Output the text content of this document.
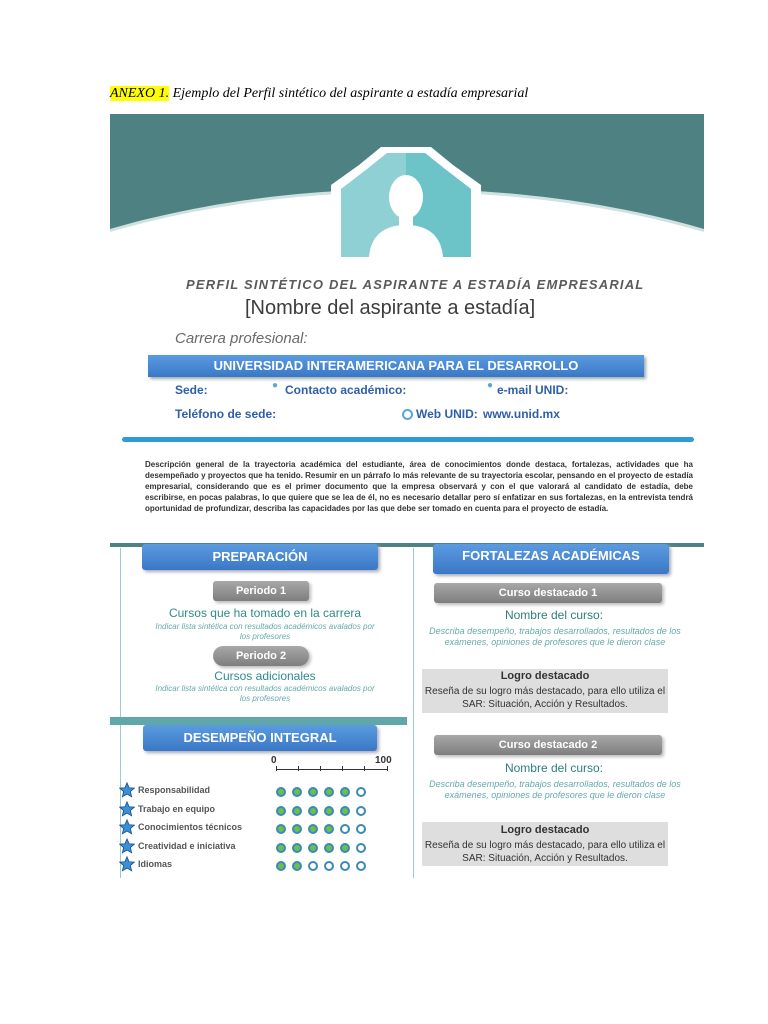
ANEXO 1. Ejemplo del Perfil sintético del aspirante a estadía empresarial
PERFIL SINTÉTICO DEL ASPIRANTE A ESTADÍA EMPRESARIAL
[Nombre del aspirante a estadía]
Carrera profesional:
UNIVERSIDAD INTERAMERICANA PARA EL DESARROLLO
Sede:	● Contacto académico:	● e-mail UNID:
Teléfono de sede:	Web UNID: www.unid.mx
Descripción general de la trayectoria académica del estudiante, área de conocimientos donde destaca, fortalezas, actividades que ha desempeñado y proyectos que ha tenido. Resumir en un párrafo lo más relevante de su trayectoria escolar, pensando en el proyecto de estadía empresarial, considerando que es el primer documento que la empresa observará y con el que valorará al candidato de estadía, debe escribirse, en pocas palabras, lo que quiere que se lea de él, no es necesario detallar pero sí enfatizar en sus fortalezas, en la entrevista tendrá oportunidad de profundizar, describa las capacidades por las que debe ser tomado en cuenta para el proyecto de estadía.
PREPARACIÓN
Periodo 1
Cursos que ha tomado en la carrera
Indicar lista sintética con resultados académicos avalados por los profesores
Periodo 2
Cursos adicionales
Indicar lista sintética con resultados académicos avalados por los profesores
DESEMPEÑO INTEGRAL
0	100
Responsabilidad
Trabajo en equipo
Conocimientos técnicos
Creatividad e iniciativa
Idiomas
FORTALEZAS ACADÉMICAS
Curso destacado 1
Nombre del curso:
Describa desempeño, trabajos desarrollados, resultados de los exámenes, opiniones de profesores que le dieron clase
Logro destacado
Reseña de su logro más destacado, para ello utiliza el SAR: Situación, Acción y Resultados.
Curso destacado 2
Nombre del curso:
Describa desempeño, trabajos desarrollados, resultados de los exámenes, opiniones de profesores que le dieron clase
Logro destacado
Reseña de su logro más destacado, para ello utiliza el SAR: Situación, Acción y Resultados.
